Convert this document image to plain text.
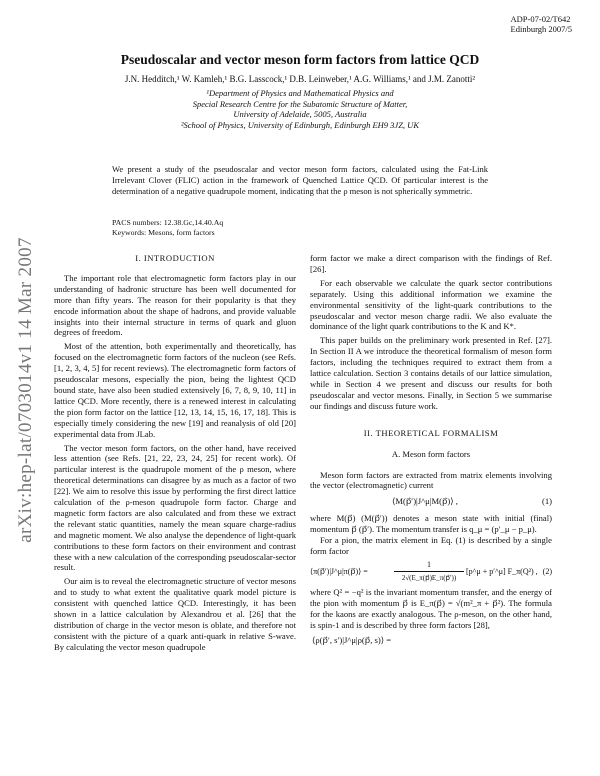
ADP-07-02/T642
Edinburgh 2007/5
Pseudoscalar and vector meson form factors from lattice QCD
J.N. Hedditch,¹ W. Kamleh,¹ B.G. Lasscock,¹ D.B. Leinweber,¹ A.G. Williams,¹ and J.M. Zanotti²
¹Department of Physics and Mathematical Physics and
Special Research Centre for the Subatomic Structure of Matter,
University of Adelaide, 5005, Australia
²School of Physics, University of Edinburgh, Edinburgh EH9 3JZ, UK
We present a study of the pseudoscalar and vector meson form factors, calculated using the Fat-Link Irrelevant Clover (FLIC) action in the framework of Quenched Lattice QCD. Of particular interest is the determination of a negative quadrupole moment, indicating that the ρ meson is not spherically symmetric.
PACS numbers: 12.38.Gc,14.40.Aq
Keywords: Mesons, form factors
arXiv:hep-lat/0703014v1 14 Mar 2007	I. INTRODUCTION

The important role that electromagnetic form factors play in our understanding of hadronic structure has been well documented for more than fifty years. The reason for their popularity is that they encode information about the shape of hadrons, and provide valuable insights into their internal structure in terms of quark and gluon degrees of freedom.

Most of the attention, both experimentally and theoretically, has focused on the electromagnetic form factors of the nucleon (see Refs. [1, 2, 3, 4, 5] for recent reviews). The electromagnetic form factors of pseudoscalar mesons, especially the pion, being the lightest QCD bound state, have also been studied extensively [6, 7, 8, 9, 10, 11] in lattice QCD. More recently, there is a renewed interest in calculating the pion form factor on the lattice [12, 13, 14, 15, 16, 17, 18]. This is especially timely considering the new [19] and reanalysis of old [20] experimental data from JLab.

The vector meson form factors, on the other hand, have received less attention (see Refs. [21, 22, 23, 24, 25] for recent work). Of particular interest is the quadrupole moment of the ρ meson, where theoretical determinations can disagree by as much as a factor of two [22]. We aim to resolve this issue by performing the first direct lattice calculation of the ρ-meson quadrupole form factor. Charge and magnetic form factors are also calculated and from these we extract the relevant static quantities, namely the mean square charge-radius and magnetic moment. We also analyse the dependence of light-quark contributions to these form factors on their environment and contrast these with a new calculation of the corresponding pseudoscalar-sector result.

Our aim is to reveal the electromagnetic structure of vector mesons and to study to what extent the qualitative quark model picture is consistent with quenched lattice QCD. Interestingly, it has been shown in a lattice calculation by Alexandrou et al. [26] that the distribution of charge in the vector meson is oblate, and therefore not consistent with the picture of a quark anti-quark in relative S-wave. By calculating the vector meson quadrupole

form factor we make a direct comparison with the findings of Ref. [26].

For each observable we calculate the quark sector contributions separately. Using this additional information we examine the environmental sensitivity of the light-quark contributions to the pseudoscalar and vector meson charge radii. We also evaluate the dominance of the light quark contributions to the K and K*.

This paper builds on the preliminary work presented in Ref. [27]. In Section II A we introduce the theoretical formalism of meson form factors, including the techniques required to extract them from a lattice calculation. Section 3 contains details of our lattice simulation, while in Section 4 we present and discuss our results for both pseudoscalar and vector mesons. Finally, in Section 5 we summarise our findings and discuss future work.

II. THEORETICAL FORMALISM
A. Meson form factors

Meson form factors are extracted from matrix elements involving the vector (electromagnetic) current

⟨M(p⃗′)|J^μ|M(p⃗)⟩ ,	(1)

where M(p⃗) (M(p⃗′)) denotes a meson state with initial (final) momentum p⃗ (p⃗′). The momentum transfer is q_μ = (p′_μ − p_μ).

For a pion, the matrix element in Eq. (1) is described by a single form factor

⟨π(p⃗′)|J^μ|π(p⃗)⟩ =
1
2√(E_π(p⃗)E_π(p⃗′))
[p^μ + p′^μ] F_π(Q²) , (2)

where Q² = −q² is the invariant momentum transfer, and the energy of the pion with momentum p⃗ is E_π(p⃗) = √(m²_π + p⃗²). The formula for the kaons are exactly analogous. The ρ-meson, on the other hand, is spin-1 and is described by three form factors [28],

⟨ρ(p⃗′, s′)|J^μ|ρ(p⃗, s)⟩ =
